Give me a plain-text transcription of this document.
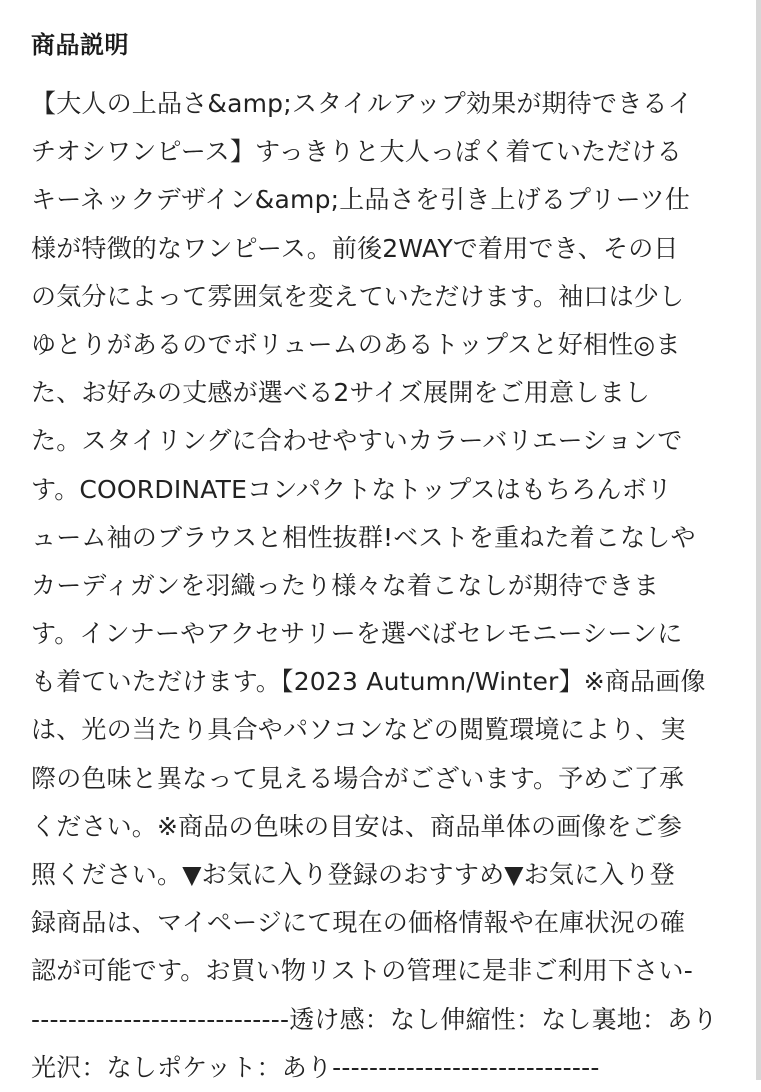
商品説明
【大人の上品さ&amp;スタイルアップ効果が期待できるイ
チオシワンピース】すっきりと大人っぽく着ていただける
キーネックデザイン&amp;上品さを引き上げるプリーツ仕
様が特徴的なワンピース。前後2WAYで着用でき、その日
の気分によって雰囲気を変えていただけます。袖口は少し
ゆとりがあるのでボリュームのあるトップスと好相性◎ま
た、お好みの丈感が選べる2サイズ展開をご用意しまし
た。スタイリングに合わせやすいカラーバリエーションで
す。COORDINATEコンパクトなトップスはもちろんボリ
ューム袖のブラウスと相性抜群!ベストを重ねた着こなしや
カーディガンを羽織ったり様々な着こなしが期待できま
す。インナーやアクセサリーを選べばセレモニーシーンに
も着ていただけます。【2023 Autumn/Winter】※商品画像
は、光の当たり具合やパソコンなどの閲覧環境により、実
際の色味と異なって見える場合がございます。予めご了承
ください。※商品の色味の目安は、商品単体の画像をご参
照ください。▼お気に入り登録のおすすめ▼お気に入り登
録商品は、マイページにて現在の価格情報や在庫状況の確
認が可能です。お買い物リストの管理に是非ご利用下さい-
----------------------------透け感：なし伸縮性：なし裏地：あり
光沢：なしポケット：あり-----------------------------
